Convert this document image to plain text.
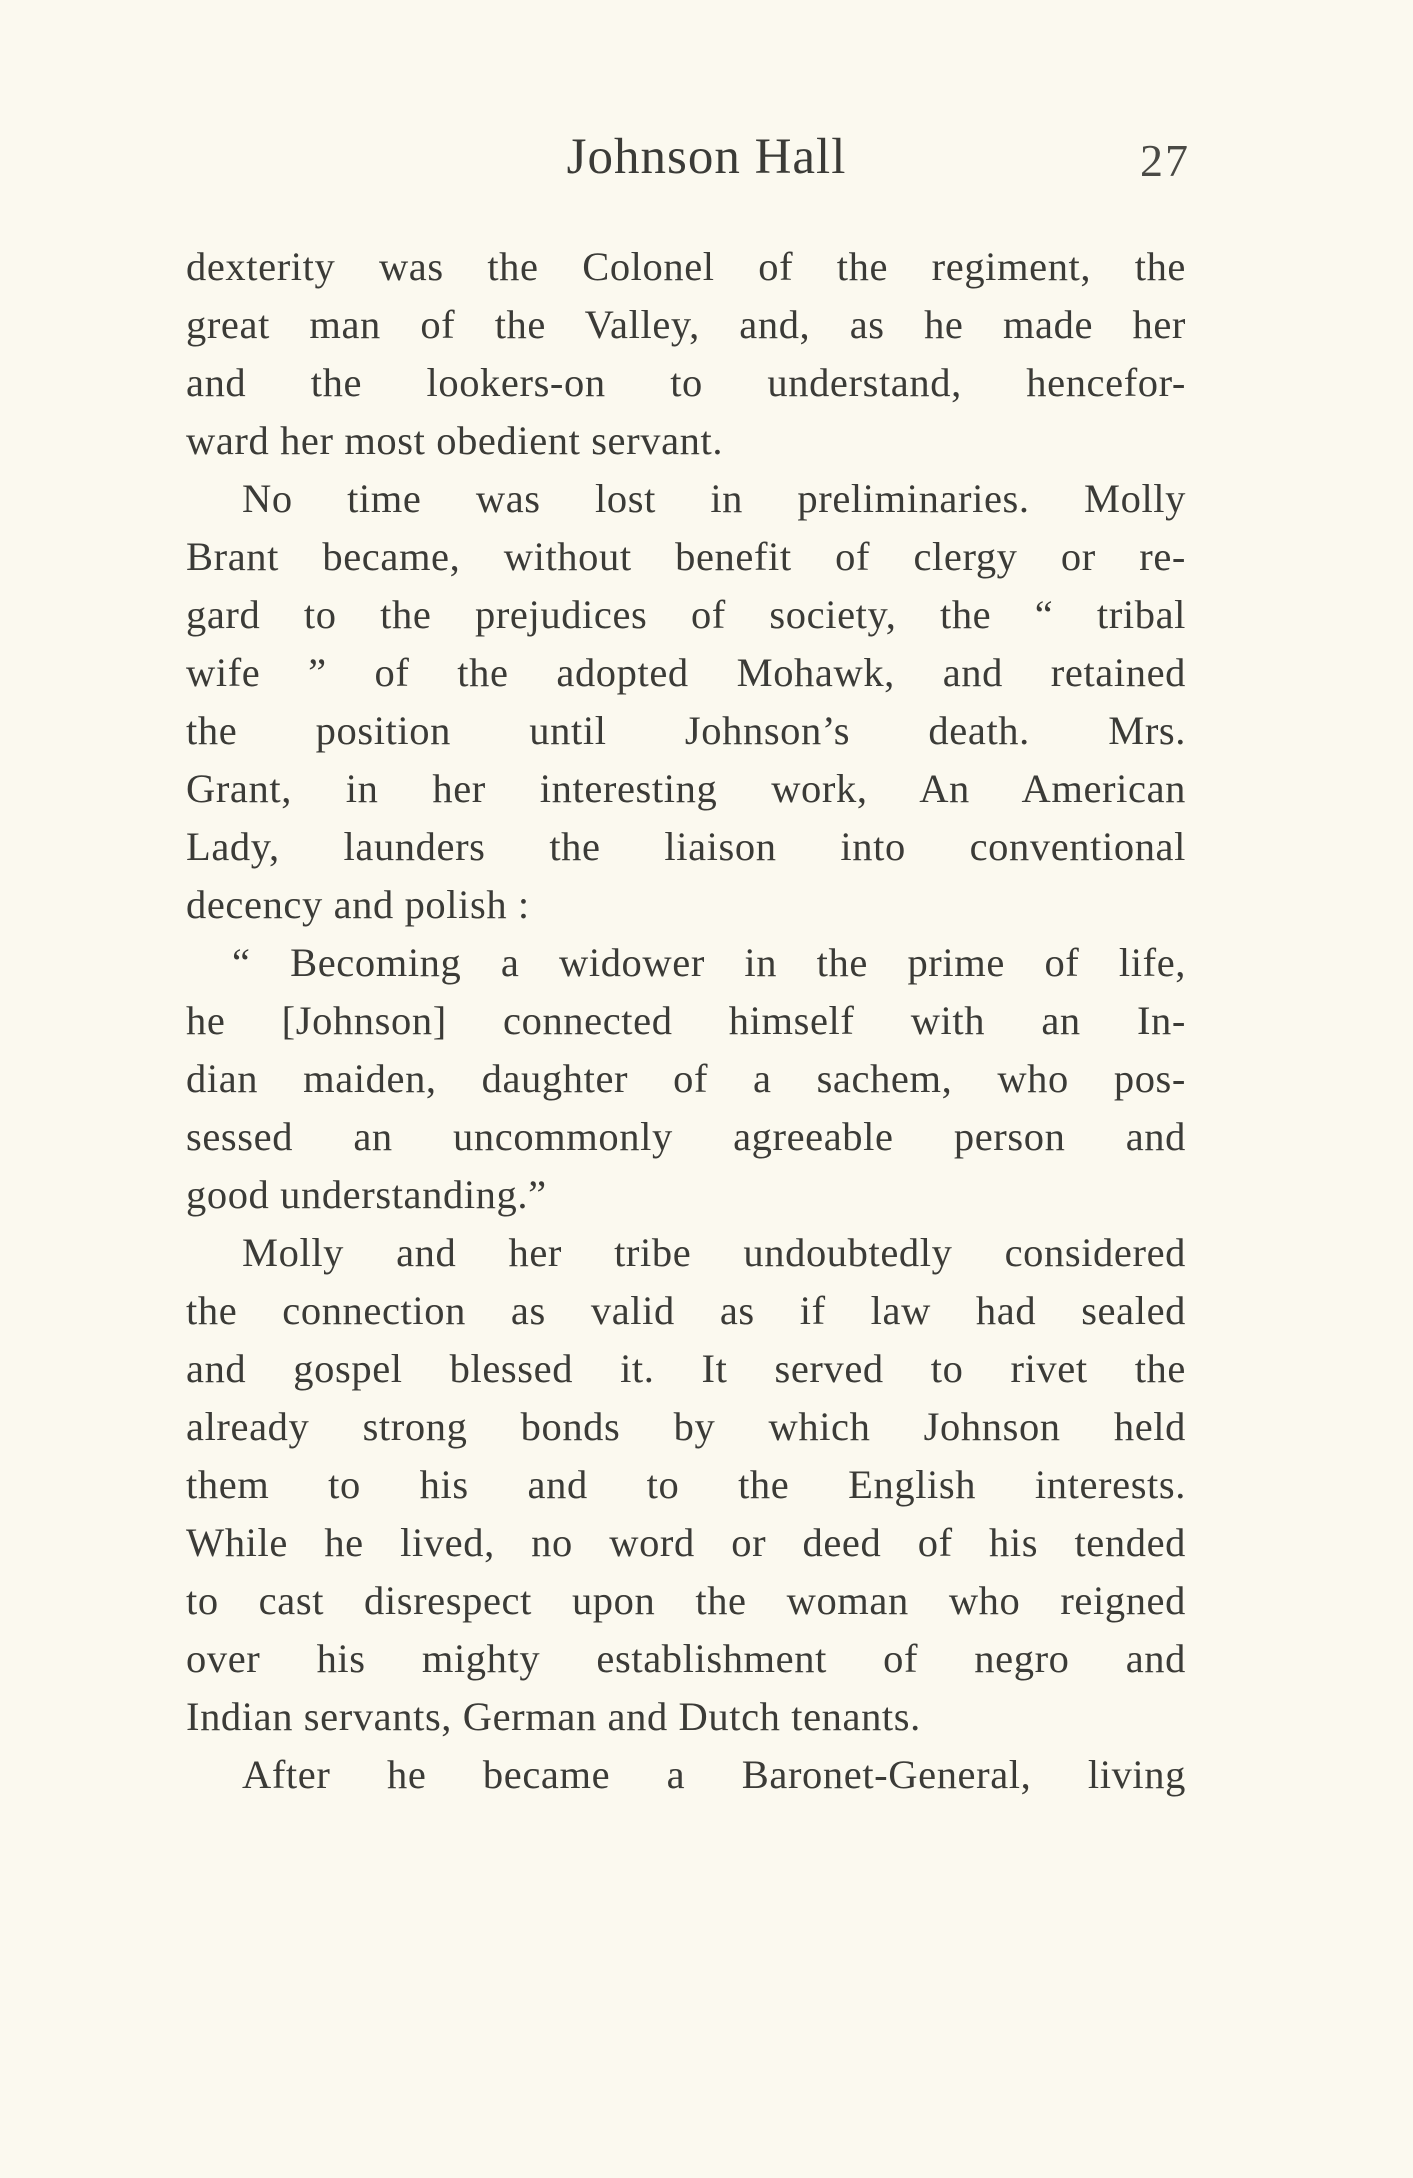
Johnson Hall	27
dexterity was the Colonel of the regiment, the
great man of the Valley, and, as he made her
and the lookers-on to understand, hencefor-
ward her most obedient servant.
No time was lost in preliminaries. Molly
Brant became, without benefit of clergy or re-
gard to the prejudices of society, the “ tribal
wife ” of the adopted Mohawk, and retained
the position until Johnson’s death. Mrs.
Grant, in her interesting work, An American
Lady, launders the liaison into conventional
decency and polish :
“ Becoming a widower in the prime of life,
he [Johnson] connected himself with an In-
dian maiden, daughter of a sachem, who pos-
sessed an uncommonly agreeable person and
good understanding.”
Molly and her tribe undoubtedly considered
the connection as valid as if law had sealed
and gospel blessed it. It served to rivet the
already strong bonds by which Johnson held
them to his and to the English interests.
While he lived, no word or deed of his tended
to cast disrespect upon the woman who reigned
over his mighty establishment of negro and
Indian servants, German and Dutch tenants.
After he became a Baronet-General, living
